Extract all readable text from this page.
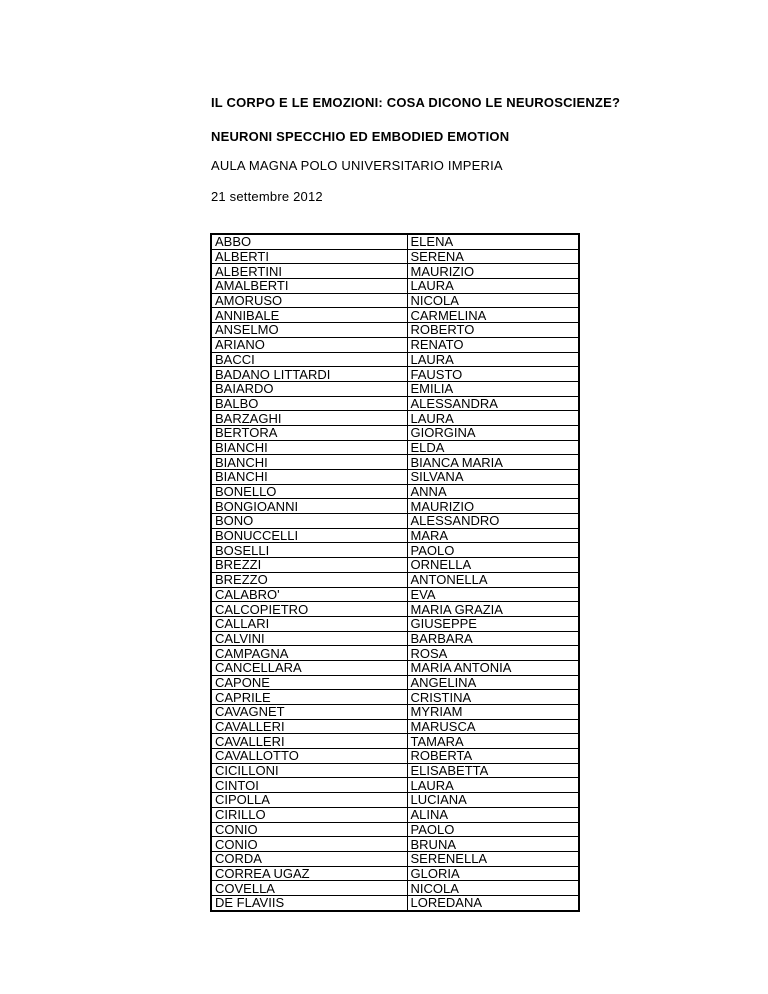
IL CORPO E LE EMOZIONI: COSA DICONO LE NEUROSCIENZE?

NEURONI SPECCHIO ED EMBODIED EMOTION

AULA MAGNA POLO UNIVERSITARIO IMPERIA

21 settembre 2012

ABBO	ELENA
ALBERTI	SERENA
ALBERTINI	MAURIZIO
AMALBERTI	LAURA
AMORUSO	NICOLA
ANNIBALE	CARMELINA
ANSELMO	ROBERTO
ARIANO	RENATO
BACCI	LAURA
BADANO LITTARDI	FAUSTO
BAIARDO	EMILIA
BALBO	ALESSANDRA
BARZAGHI	LAURA
BERTORA	GIORGINA
BIANCHI	ELDA
BIANCHI	BIANCA MARIA
BIANCHI	SILVANA
BONELLO	ANNA
BONGIOANNI	MAURIZIO
BONO	ALESSANDRO
BONUCCELLI	MARA
BOSELLI	PAOLO
BREZZI	ORNELLA
BREZZO	ANTONELLA
CALABRO'	EVA
CALCOPIETRO	MARIA GRAZIA
CALLARI	GIUSEPPE
CALVINI	BARBARA
CAMPAGNA	ROSA
CANCELLARA	MARIA ANTONIA
CAPONE	ANGELINA
CAPRILE	CRISTINA
CAVAGNET	MYRIAM
CAVALLERI	MARUSCA
CAVALLERI	TAMARA
CAVALLOTTO	ROBERTA
CICILLONI	ELISABETTA
CINTOI	LAURA
CIPOLLA	LUCIANA
CIRILLO	ALINA
CONIO	PAOLO
CONIO	BRUNA
CORDA	SERENELLA
CORREA UGAZ	GLORIA
COVELLA	NICOLA
DE FLAVIIS	LOREDANA
